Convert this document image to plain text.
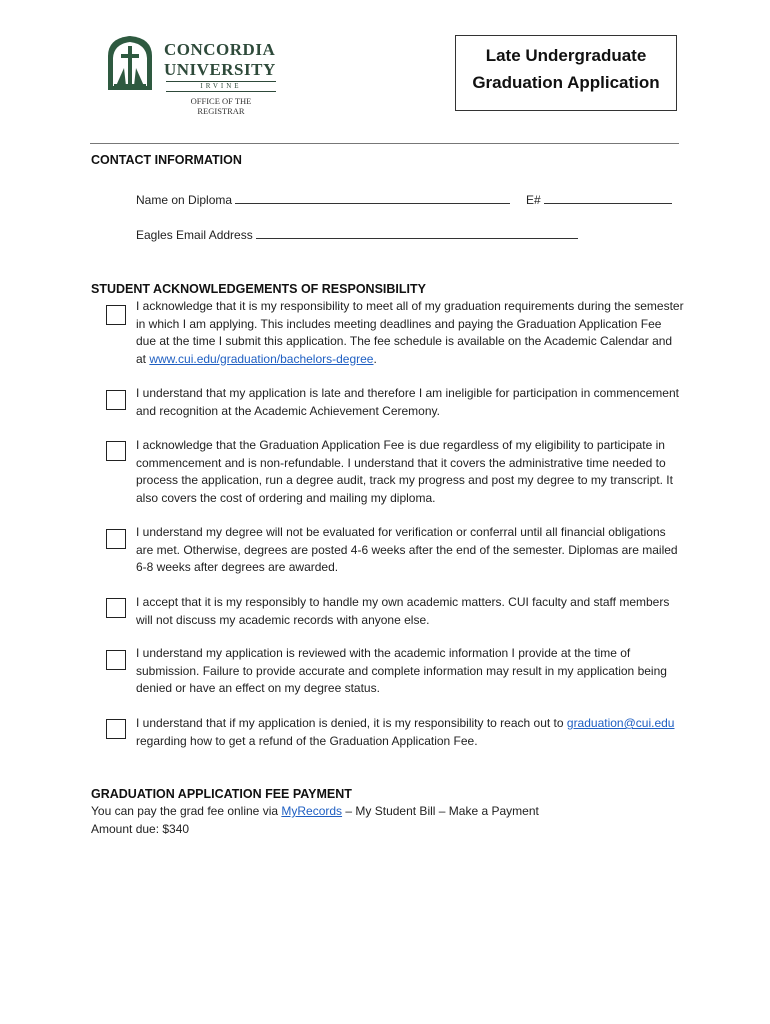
CONCORDIA
UNIVERSITY
IRVINE
OFFICE OF THE
REGISTRAR
Late Undergraduate
Graduation Application
CONTACT INFORMATION
Name on Diploma	E#
Eagles Email Address
STUDENT ACKNOWLEDGEMENTS OF RESPONSIBILITY
I acknowledge that it is my responsibility to meet all of my graduation requirements during the semester in which I am applying. This includes meeting deadlines and paying the Graduation Application Fee due at the time I submit this application. The fee schedule is available on the Academic Calendar and at www.cui.edu/graduation/bachelors-degree.
I understand that my application is late and therefore I am ineligible for participation in commencement and recognition at the Academic Achievement Ceremony.
I acknowledge that the Graduation Application Fee is due regardless of my eligibility to participate in commencement and is non-refundable. I understand that it covers the administrative time needed to process the application, run a degree audit, track my progress and post my degree to my transcript. It also covers the cost of ordering and mailing my diploma.
I understand my degree will not be evaluated for verification or conferral until all financial obligations are met. Otherwise, degrees are posted 4-6 weeks after the end of the semester. Diplomas are mailed 6-8 weeks after degrees are awarded.
I accept that it is my responsibly to handle my own academic matters. CUI faculty and staff members will not discuss my academic records with anyone else.
I understand my application is reviewed with the academic information I provide at the time of submission. Failure to provide accurate and complete information may result in my application being denied or have an effect on my degree status.
I understand that if my application is denied, it is my responsibility to reach out to graduation@cui.edu regarding how to get a refund of the Graduation Application Fee.
GRADUATION APPLICATION FEE PAYMENT
You can pay the grad fee online via MyRecords – My Student Bill – Make a Payment
Amount due: $340
